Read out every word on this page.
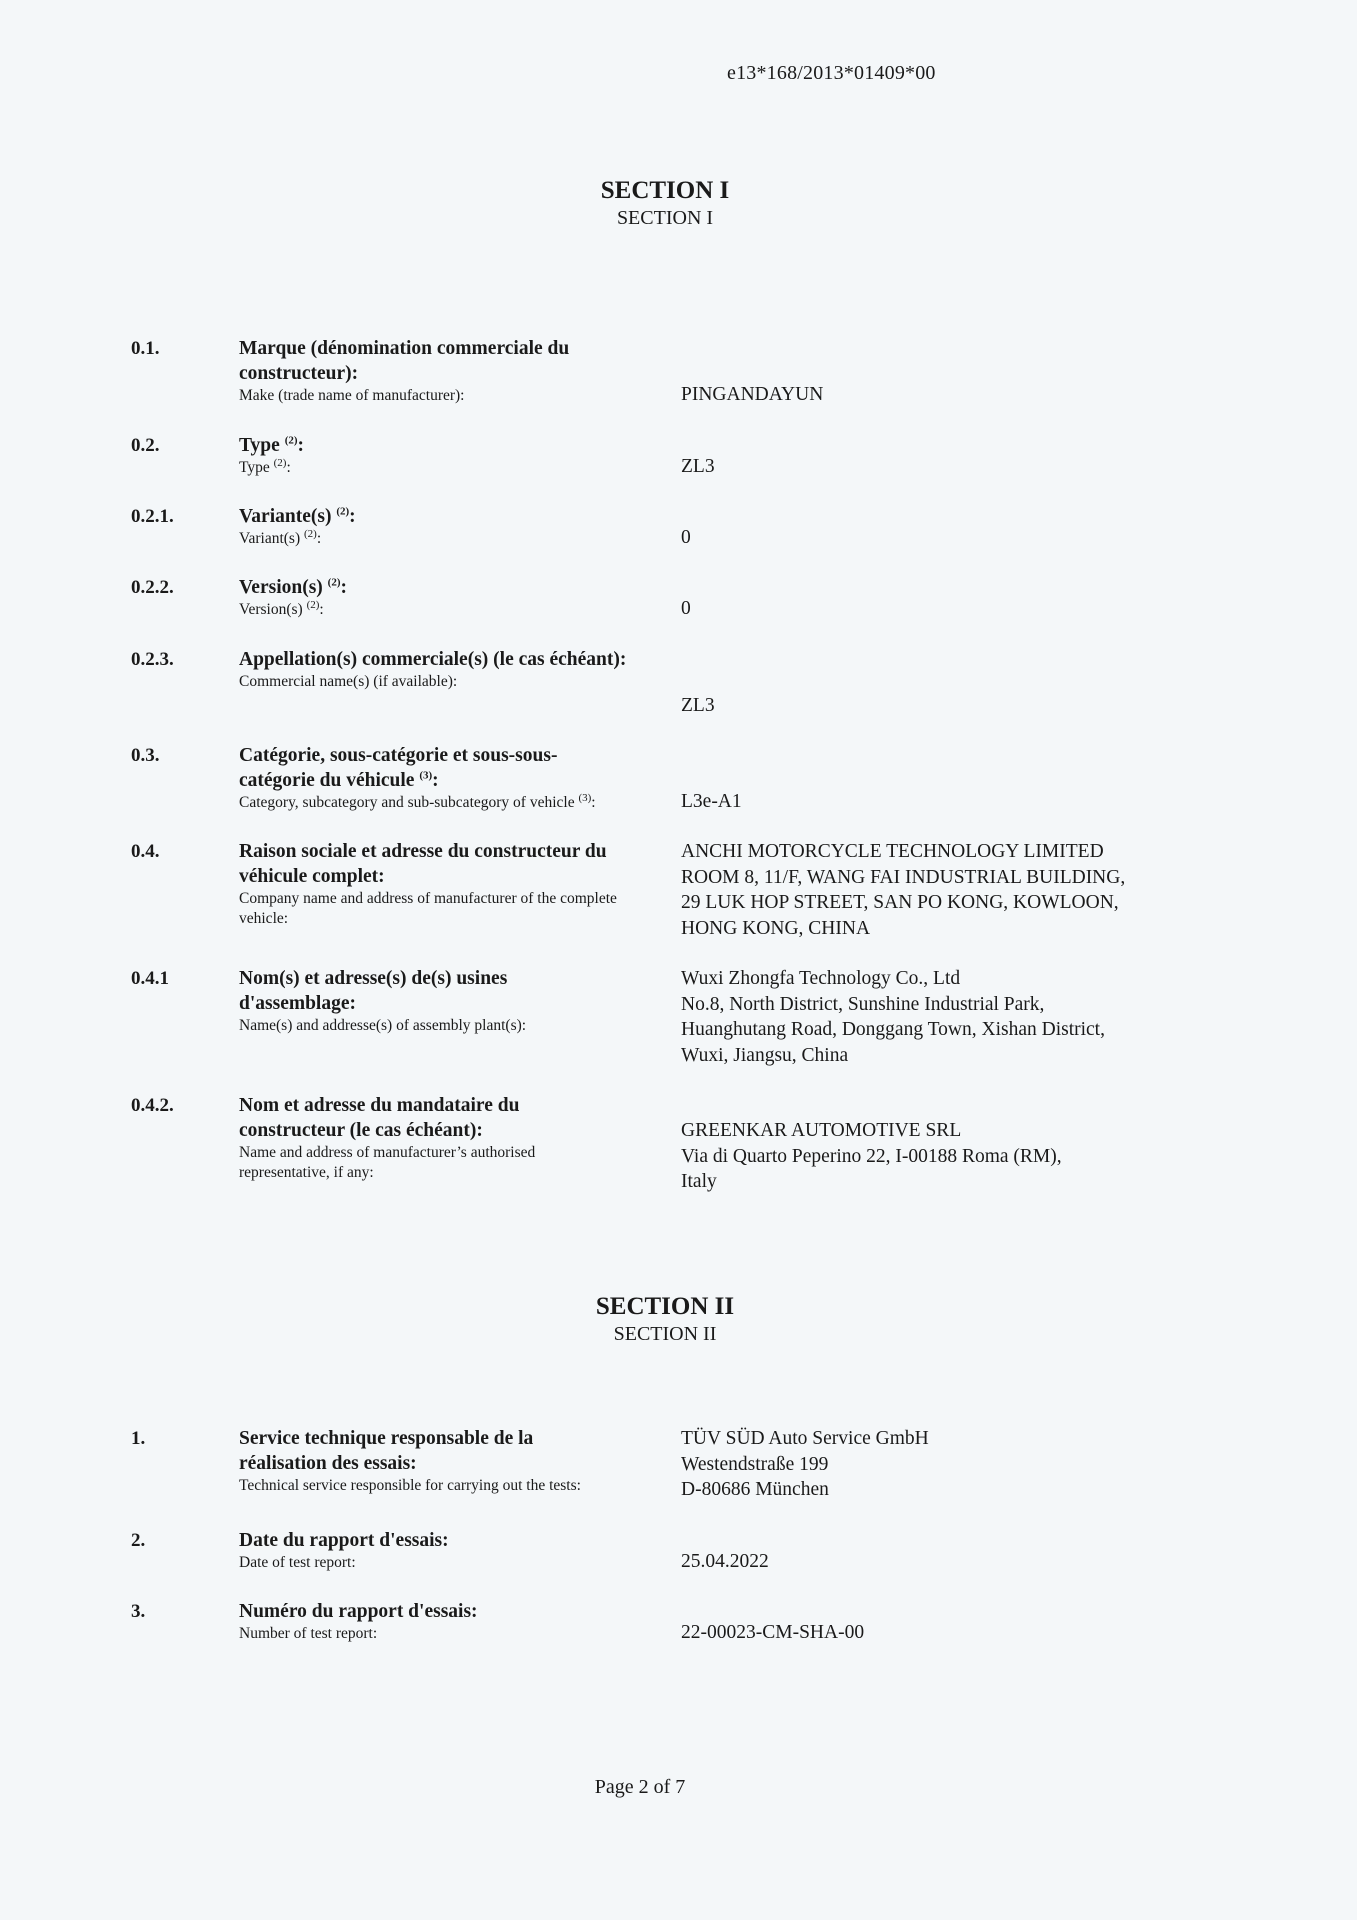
e13*168/2013*01409*00
SECTION I
SECTION I
0.1.	Marque (dénomination commerciale du constructeur):
Make (trade name of manufacturer):	PINGANDAYUN
0.2.	Type $^{(2)}$:
Type $^{(2)}$:	ZL3
0.2.1.	Variante(s) $^{(2)}$:
Variant(s) $^{(2)}$:	0
0.2.2.	Version(s) $^{(2)}$:
Version(s) $^{(2)}$:	0
0.2.3.	Appellation(s) commerciale(s) (le cas échéant):
Commercial name(s) (if available):
ZL3
0.3.	Catégorie, sous-catégorie et sous-sous-catégorie du véhicule $^{(3)}$:
Category, subcategory and sub-subcategory of vehicle $^{(3)}$:	L3e-A1
0.4.	Raison sociale et adresse du constructeur du véhicule complet:
Company name and address of manufacturer of the complete vehicle:
ANCHI MOTORCYCLE TECHNOLOGY LIMITED
ROOM 8, 11/F, WANG FAI INDUSTRIAL BUILDING,
29 LUK HOP STREET, SAN PO KONG, KOWLOON,
HONG KONG, CHINA
0.4.1	Nom(s) et adresse(s) de(s) usines d'assemblage:
Name(s) and addresse(s) of assembly plant(s):
Wuxi Zhongfa Technology Co., Ltd
No.8, North District, Sunshine Industrial Park,
Huanghutang Road, Donggang Town, Xishan District,
Wuxi, Jiangsu, China
0.4.2.	Nom et adresse du mandataire du constructeur (le cas échéant):
Name and address of manufacturer’s authorised representative, if any:
GREENKAR AUTOMOTIVE SRL
Via di Quarto Peperino 22, I-00188 Roma (RM),
Italy
SECTION II
SECTION II
1.	Service technique responsable de la réalisation des essais:
Technical service responsible for carrying out the tests:
TÜV SÜD Auto Service GmbH
Westendstraße 199
D-80686 München
2.	Date du rapport d'essais:
Date of test report:	25.04.2022
3.	Numéro du rapport d'essais:
Number of test report:	22-00023-CM-SHA-00
Page 2 of 7
